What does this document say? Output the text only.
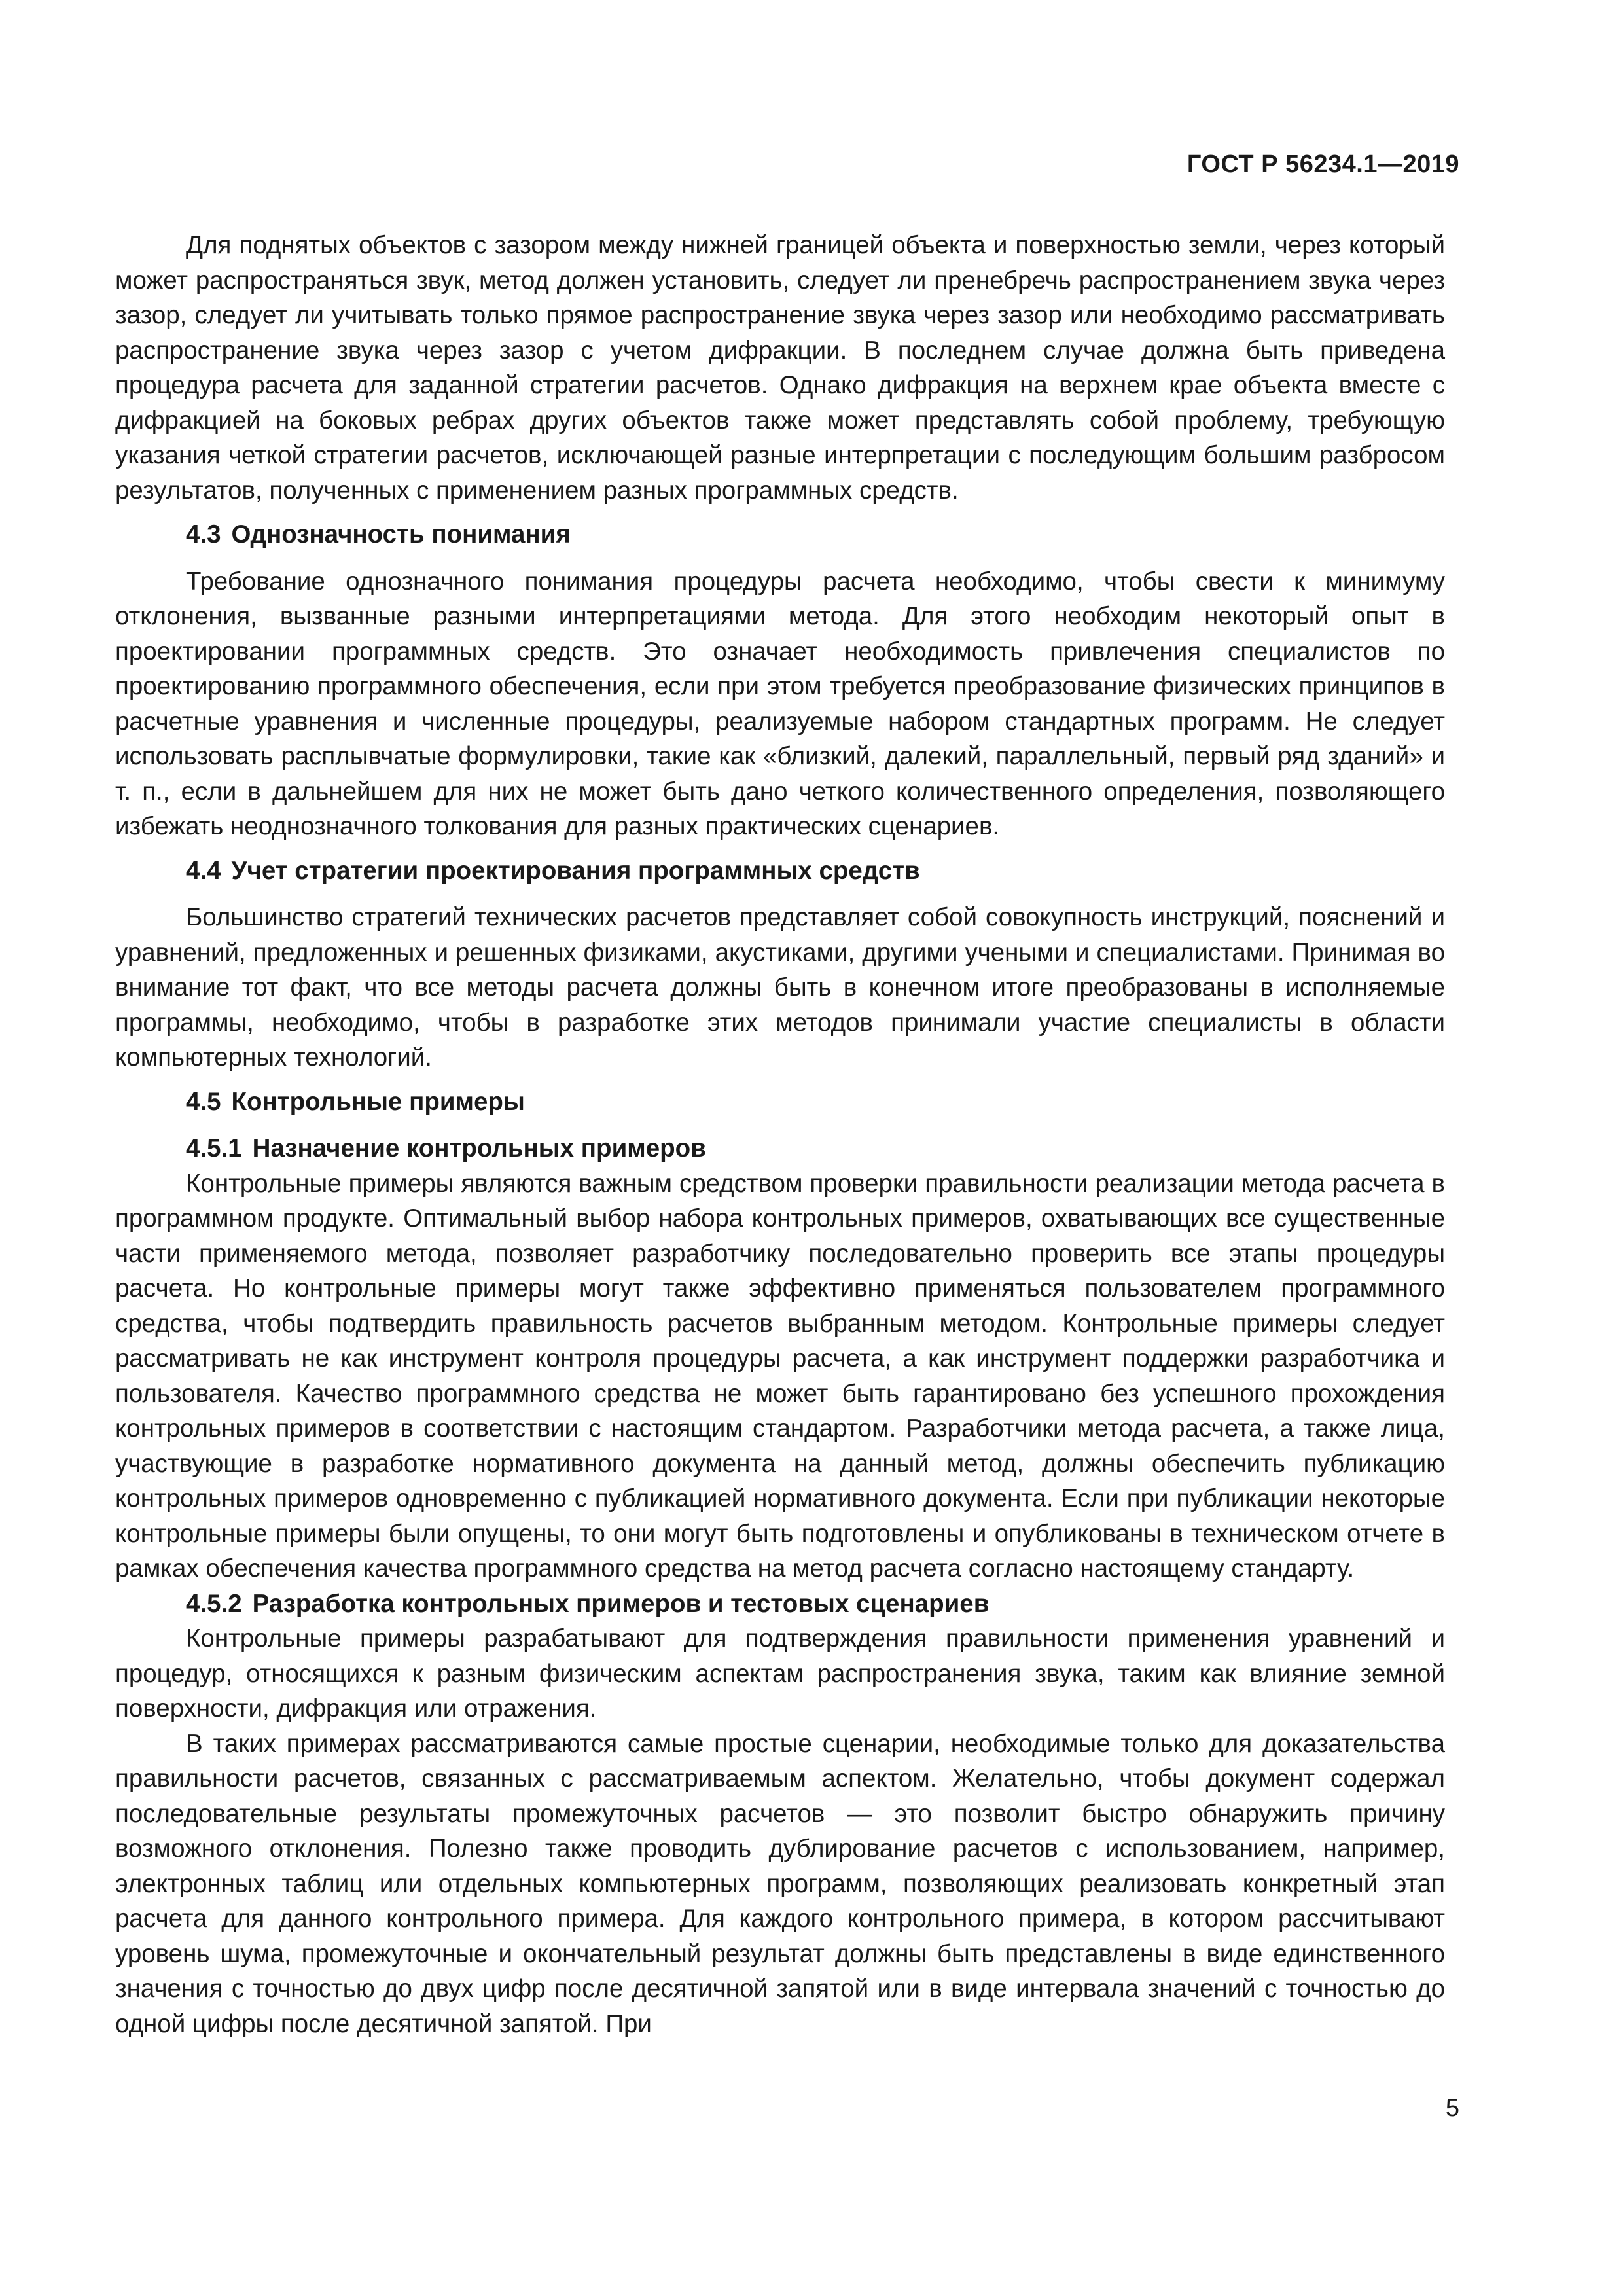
ГОСТ Р 56234.1—2019

Для поднятых объектов с зазором между нижней границей объекта и поверхностью земли, через который может распространяться звук, метод должен установить, следует ли пренебречь распространением звука через зазор, следует ли учитывать только прямое распространение звука через зазор или необходимо рассматривать распространение звука через зазор с учетом дифракции. В последнем случае должна быть приведена процедура расчета для заданной стратегии расчетов. Однако дифракция на верхнем крае объекта вместе с дифракцией на боковых ребрах других объектов также может представлять собой проблему, требующую указания четкой стратегии расчетов, исключающей разные интерпретации с последующим большим разбросом результатов, полученных с применением разных программных средств.

4.3 Однозначность понимания

Требование однозначного понимания процедуры расчета необходимо, чтобы свести к минимуму отклонения, вызванные разными интерпретациями метода. Для этого необходим некоторый опыт в проектировании программных средств. Это означает необходимость привлечения специалистов по проектированию программного обеспечения, если при этом требуется преобразование физических принципов в расчетные уравнения и численные процедуры, реализуемые набором стандартных программ. Не следует использовать расплывчатые формулировки, такие как «близкий, далекий, параллельный, первый ряд зданий» и т. п., если в дальнейшем для них не может быть дано четкого количественного определения, позволяющего избежать неоднозначного толкования для разных практических сценариев.

4.4 Учет стратегии проектирования программных средств

Большинство стратегий технических расчетов представляет собой совокупность инструкций, пояснений и уравнений, предложенных и решенных физиками, акустиками, другими учеными и специалистами. Принимая во внимание тот факт, что все методы расчета должны быть в конечном итоге преобразованы в исполняемые программы, необходимо, чтобы в разработке этих методов принимали участие специалисты в области компьютерных технологий.

4.5 Контрольные примеры
4.5.1 Назначение контрольных примеров

Контрольные примеры являются важным средством проверки правильности реализации метода расчета в программном продукте. Оптимальный выбор набора контрольных примеров, охватывающих все существенные части применяемого метода, позволяет разработчику последовательно проверить все этапы процедуры расчета. Но контрольные примеры могут также эффективно применяться пользователем программного средства, чтобы подтвердить правильность расчетов выбранным методом. Контрольные примеры следует рассматривать не как инструмент контроля процедуры расчета, а как инструмент поддержки разработчика и пользователя. Качество программного средства не может быть гарантировано без успешного прохождения контрольных примеров в соответствии с настоящим стандартом. Разработчики метода расчета, а также лица, участвующие в разработке нормативного документа на данный метод, должны обеспечить публикацию контрольных примеров одновременно с публикацией нормативного документа. Если при публикации некоторые контрольные примеры были опущены, то они могут быть подготовлены и опубликованы в техническом отчете в рамках обеспечения качества программного средства на метод расчета согласно настоящему стандарту.

4.5.2 Разработка контрольных примеров и тестовых сценариев

Контрольные примеры разрабатывают для подтверждения правильности применения уравнений и процедур, относящихся к разным физическим аспектам распространения звука, таким как влияние земной поверхности, дифракция или отражения.

В таких примерах рассматриваются самые простые сценарии, необходимые только для доказательства правильности расчетов, связанных с рассматриваемым аспектом. Желательно, чтобы документ содержал последовательные результаты промежуточных расчетов — это позволит быстро обнаружить причину возможного отклонения. Полезно также проводить дублирование расчетов с использованием, например, электронных таблиц или отдельных компьютерных программ, позволяющих реализовать конкретный этап расчета для данного контрольного примера. Для каждого контрольного примера, в котором рассчитывают уровень шума, промежуточные и окончательный результат должны быть представлены в виде единственного значения с точностью до двух цифр после десятичной запятой или в виде интервала значений с точностью до одной цифры после десятичной запятой. При

5
